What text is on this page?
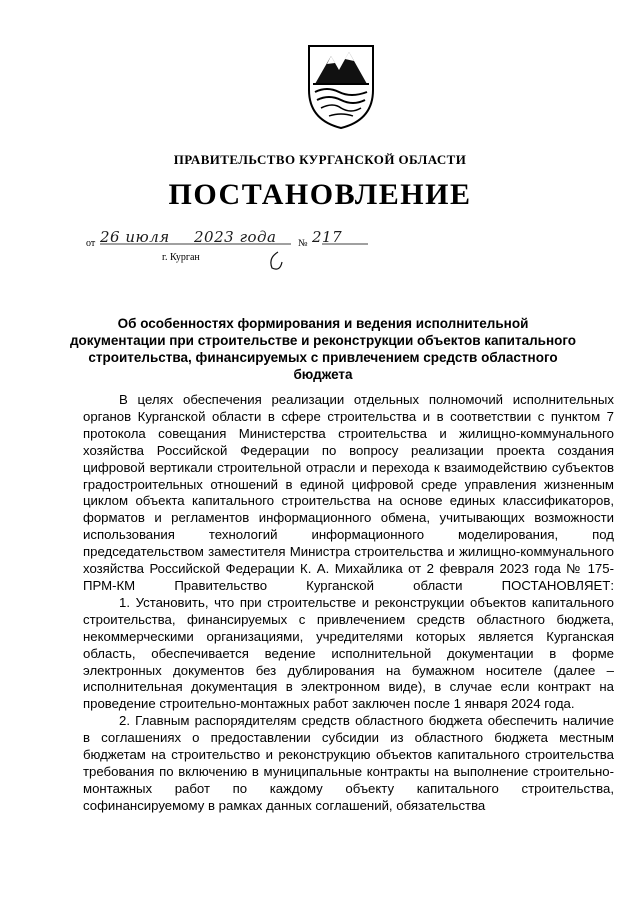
ПРАВИТЕЛЬСТВО КУРГАНСКОЙ ОБЛАСТИ
ПОСТАНОВЛЕНИЕ
от 26 июля 2023 года № 217
г. Курган
Об особенностях формирования и ведения исполнительной документации при строительстве и реконструкции объектов капитального строительства, финансируемых с привлечением средств областного бюджета

В целях обеспечения реализации отдельных полномочий исполнительных органов Курганской области в сфере строительства и в соответствии с пунктом 7 протокола совещания Министерства строительства и жилищно-коммунального хозяйства Российской Федерации по вопросу реализации проекта создания цифровой вертикали строительной отрасли и перехода к взаимодействию субъектов градостроительных отношений в единой цифровой среде управления жизненным циклом объекта капитального строительства на основе единых классификаторов, форматов и регламентов информационного обмена, учитывающих возможности использования технологий информационного моделирования, под председательством заместителя Министра строительства и жилищно-коммунального хозяйства Российской Федерации К. А. Михайлика от 2 февраля 2023 года № 175-ПРМ-КМ Правительство Курганской области ПОСТАНОВЛЯЕТ:

1. Установить, что при строительстве и реконструкции объектов капитального строительства, финансируемых с привлечением средств областного бюджета, некоммерческими организациями, учредителями которых является Курганская область, обеспечивается ведение исполнительной документации в форме электронных документов без дублирования на бумажном носителе (далее – исполнительная документация в электронном виде), в случае если контракт на проведение строительно-монтажных работ заключен после 1 января 2024 года.

2. Главным распорядителям средств областного бюджета обеспечить наличие в соглашениях о предоставлении субсидии из областного бюджета местным бюджетам на строительство и реконструкцию объектов капитального строительства требования по включению в муниципальные контракты на выполнение строительно-монтажных работ по каждому объекту капитального строительства, софинансируемому в рамках данных соглашений, обязательства
